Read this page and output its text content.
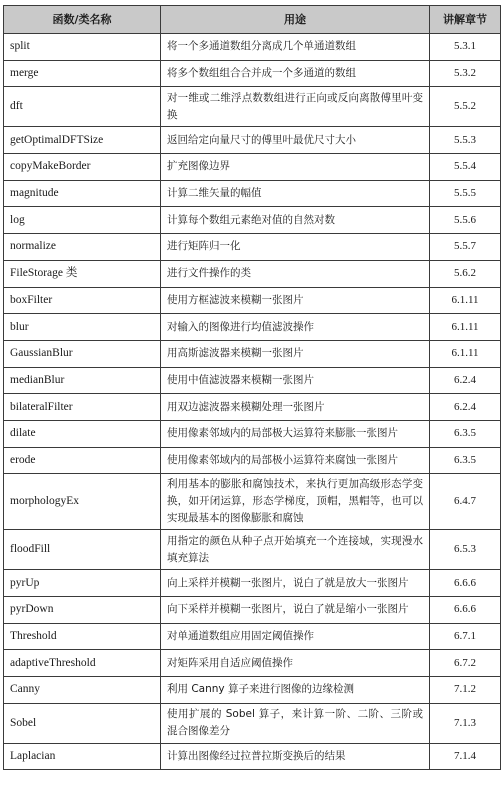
函数/类名称	用途	讲解章节
split	将一个多通道数组分离成几个单通道数组	5.3.1
merge	将多个数组组合合并成一个多通道的数组	5.3.2
dft	对一维或二维浮点数数组进行正向或反向离散傅里叶变换	5.5.2
getOptimalDFTSize	返回给定向量尺寸的傅里叶最优尺寸大小	5.5.3
copyMakeBorder	扩充图像边界	5.5.4
magnitude	计算二维矢量的幅值	5.5.5
log	计算每个数组元素绝对值的自然对数	5.5.6
normalize	进行矩阵归一化	5.5.7
FileStorage 类	进行文件操作的类	5.6.2
boxFilter	使用方框滤波来模糊一张图片	6.1.11
blur	对输入的图像进行均值滤波操作	6.1.11
GaussianBlur	用高斯滤波器来模糊一张图片	6.1.11
medianBlur	使用中值滤波器来模糊一张图片	6.2.4
bilateralFilter	用双边滤波器来模糊处理一张图片	6.2.4
dilate	使用像素邻域内的局部极大运算符来膨胀一张图片	6.3.5
erode	使用像素邻域内的局部极小运算符来腐蚀一张图片	6.3.5
morphologyEx	利用基本的膨胀和腐蚀技术，来执行更加高级形态学变换，如开闭运算，形态学梯度，顶帽，黑帽等，也可以实现最基本的图像膨胀和腐蚀	6.4.7
floodFill	用指定的颜色从种子点开始填充一个连接域，实现漫水填充算法	6.5.3
pyrUp	向上采样并模糊一张图片，说白了就是放大一张图片	6.6.6
pyrDown	向下采样并模糊一张图片，说白了就是缩小一张图片	6.6.6
Threshold	对单通道数组应用固定阈值操作	6.7.1
adaptiveThreshold	对矩阵采用自适应阈值操作	6.7.2
Canny	利用 Canny 算子来进行图像的边缘检测	7.1.2
Sobel	使用扩展的 Sobel 算子，来计算一阶、二阶、三阶或混合图像差分	7.1.3
Laplacian	计算出图像经过拉普拉斯变换后的结果	7.1.4
